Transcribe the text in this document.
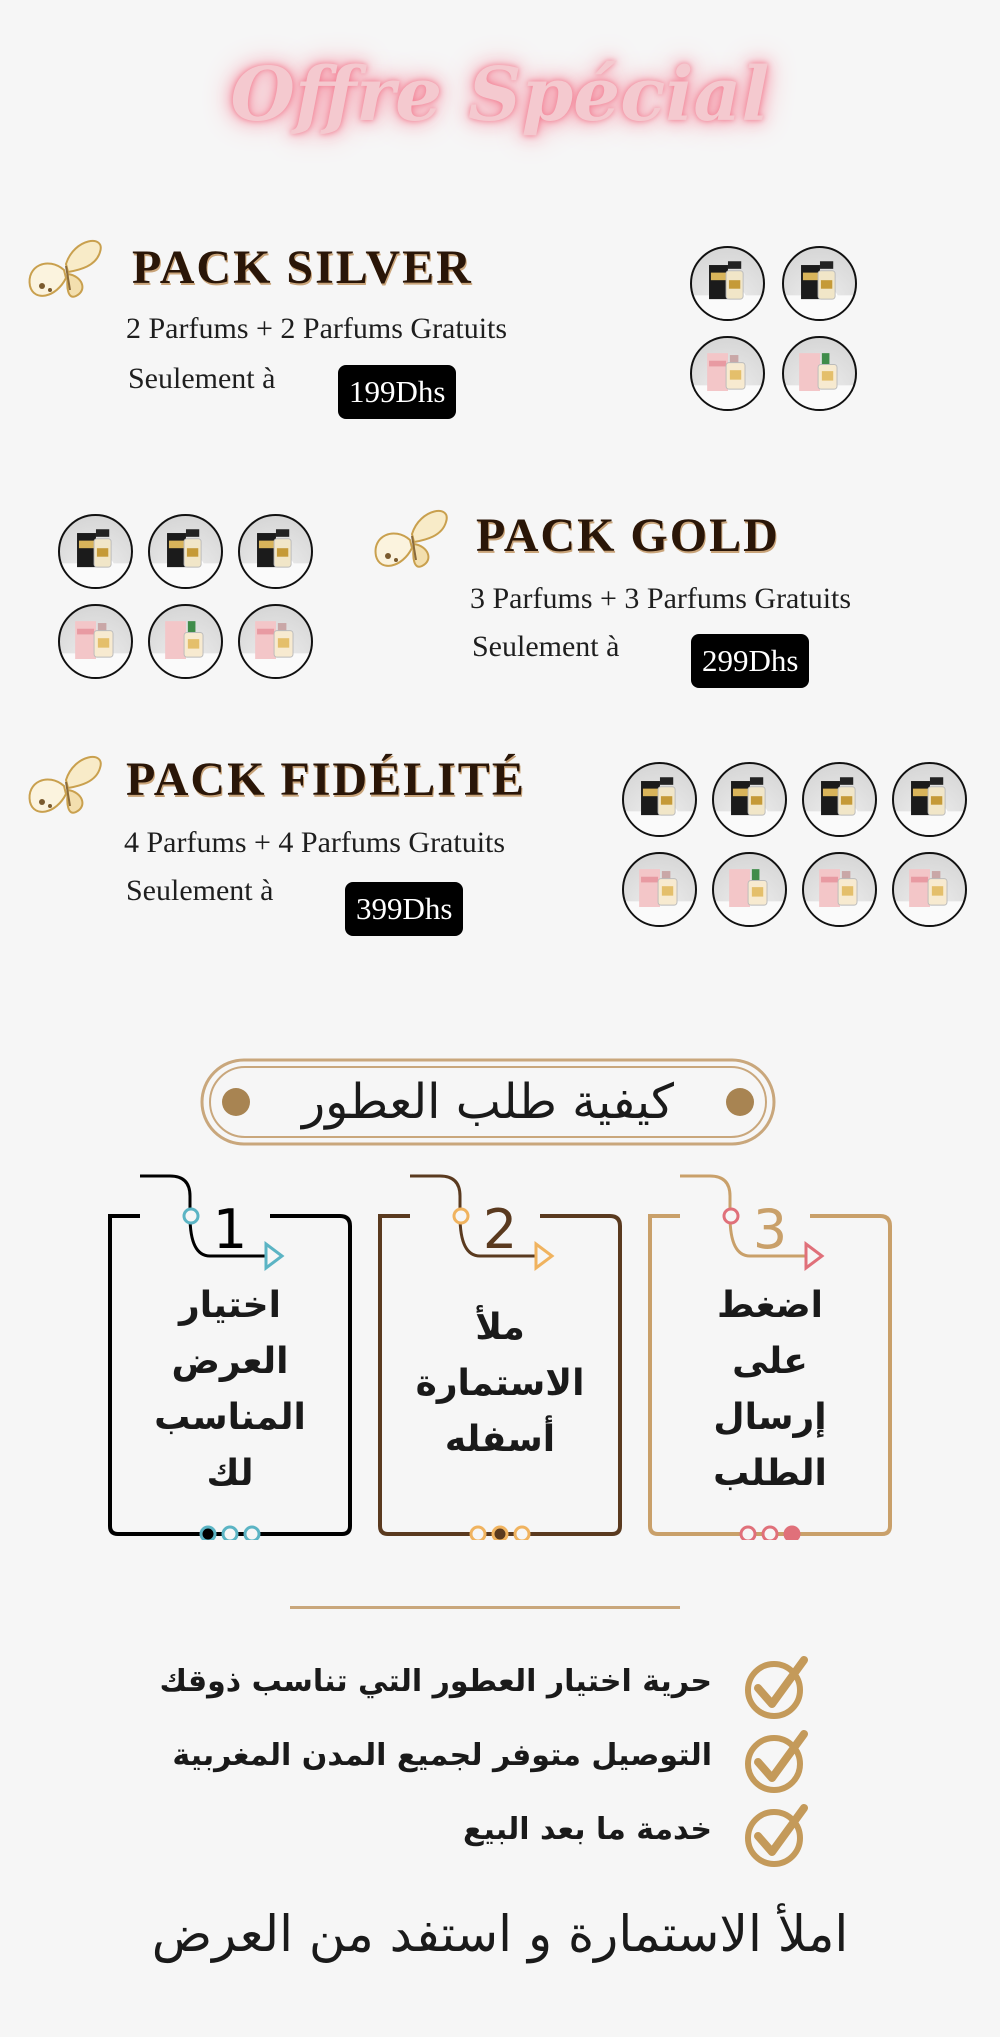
Offre Spécial
PACK SILVER
2 Parfums + 2 Parfums Gratuits
Seulement à	199Dhs
PACK GOLD
3 Parfums + 3 Parfums Gratuits
Seulement à	299Dhs
PACK FIDÉLITÉ
4 Parfums + 4 Parfums Gratuits
Seulement à
399Dhs
كيفية طلب العطور
1
اختيار
العرض
المناسب
لك
2
ملأ
الاستمارة
أسفله
3
اضغط
على
إرسال
الطلب
حرية اختيار العطور التي تناسب ذوقك
التوصيل متوفر لجميع المدن المغربية
خدمة ما بعد البيع
املأ الاستمارة و استفد من العرض
